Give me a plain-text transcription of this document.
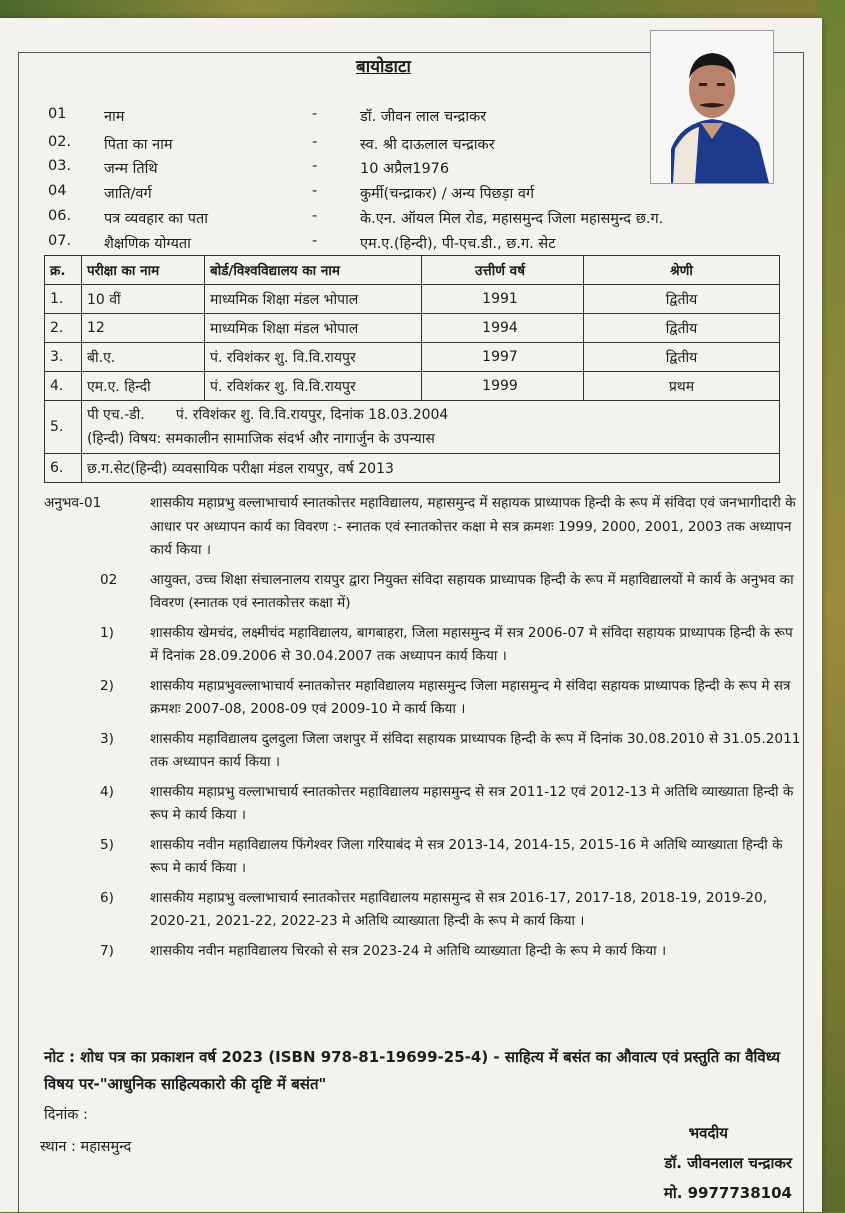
बायोडाटा
01	नाम	-	डॉ. जीवन लाल चन्द्राकर
02.	पिता का नाम	-	स्व. श्री दाऊलाल चन्द्राकर
03.	जन्म तिथि	-	10 अप्रैल1976
04	जाति/वर्ग	-	कुर्मी(चन्द्राकर) / अन्य पिछड़ा वर्ग
06.	पत्र व्यवहार का पता	-	के.एन. ऑयल मिल रोड, महासमुन्द जिला महासमुन्द छ.ग.
07.	शैक्षणिक योग्यता	-	एम.ए.(हिन्दी), पी-एच.डी., छ.ग. सेट
क्र.	परीक्षा का नाम	बोर्ड/विश्वविद्यालय का नाम	उत्तीर्ण वर्ष	श्रेणी
1.	10 वीं	माध्यमिक शिक्षा मंडल भोपाल	1991	द्वितीय
2.	12	माध्यमिक शिक्षा मंडल भोपाल	1994	द्वितीय
3.	बी.ए.	पं. रविशंकर शु. वि.वि.रायपुर	1997	द्वितीय
4.	एम.ए. हिन्दी	पं. रविशंकर शु. वि.वि.रायपुर	1999	प्रथम
5.	पी एच.-डी. पं. रविशंकर शु. वि.वि.रायपुर, दिनांक 18.03.2004
(हिन्दी) विषय: समकालीन सामाजिक संदर्भ और नागार्जुन के उपन्यास			

6.	छ.ग.सेट(हिन्दी) व्यवसायिक परीक्षा मंडल रायपुर, वर्ष 2013			
अनुभव-01	शासकीय महाप्रभु वल्लाभाचार्य स्नातकोत्तर महाविद्यालय, महासमुन्द में सहायक प्राध्यापक हिन्दी के रूप में संविदा एवं जनभागीदारी के आधार पर अध्यापन कार्य का विवरण :- स्नातक एवं स्नातकोत्तर कक्षा मे सत्र क्रमशः 1999, 2000, 2001, 2003 तक अध्यापन कार्य किया ।
02 आयुक्त, उच्च शिक्षा संचालनालय रायपुर द्वारा नियुक्त संविदा सहायक प्राध्यापक हिन्दी के रूप में महाविद्यालयों मे कार्य के अनुभव का विवरण (स्नातक एवं स्नातकोत्तर कक्षा में)
1)	शासकीय खेमचंद, लक्ष्मीचंद महाविद्यालय, बागबाहरा, जिला महासमुन्द में सत्र 2006-07 मे संविदा सहायक प्राध्यापक हिन्दी के रूप में दिनांक 28.09.2006 से 30.04.2007 तक अध्यापन कार्य किया ।
2)	शासकीय महाप्रभुवल्लाभाचार्य स्नातकोत्तर महाविद्यालय महासमुन्द जिला महासमुन्द मे संविदा सहायक प्राध्यापक हिन्दी के रूप मे सत्र क्रमशः 2007-08, 2008-09 एवं 2009-10 मे कार्य किया ।
3)	शासकीय महाविद्यालय दुलदुला जिला जशपुर में संविदा सहायक प्राध्यापक हिन्दी के रूप में दिनांक 30.08.2010 से 31.05.2011 तक अध्यापन कार्य किया ।
4)	शासकीय महाप्रभु वल्लाभाचार्य स्नातकोत्तर महाविद्यालय महासमुन्द से सत्र 2011-12 एवं 2012-13 मे अतिथि व्याख्याता हिन्दी के रूप मे कार्य किया ।
5)	शासकीय नवीन महाविद्यालय फिंगेश्वर जिला गरियाबंद मे सत्र 2013-14, 2014-15, 2015-16 मे अतिथि व्याख्याता हिन्दी के रूप मे कार्य किया ।
6)	शासकीय महाप्रभु वल्लाभाचार्य स्नातकोत्तर महाविद्यालय महासमुन्द से सत्र 2016-17, 2017-18, 2018-19, 2019-20, 2020-21, 2021-22, 2022-23 मे अतिथि व्याख्याता हिन्दी के रूप मे कार्य किया ।
7)	शासकीय नवीन महाविद्यालय चिरको से सत्र 2023-24 मे अतिथि व्याख्याता हिन्दी के रूप मे कार्य किया ।
नोट : शोध पत्र का प्रकाशन वर्ष 2023 (ISBN 978-81-19699-25-4) - साहित्य में बसंत का औवात्य एवं प्रस्तुति का वैविध्य विषय पर-"आधुनिक साहित्यकारो की दृष्टि में बसंत"
दिनांक :
स्थान : महासमुन्द
भवदीय
डॉ. जीवनलाल चन्द्राकर
मो. 9977738104
